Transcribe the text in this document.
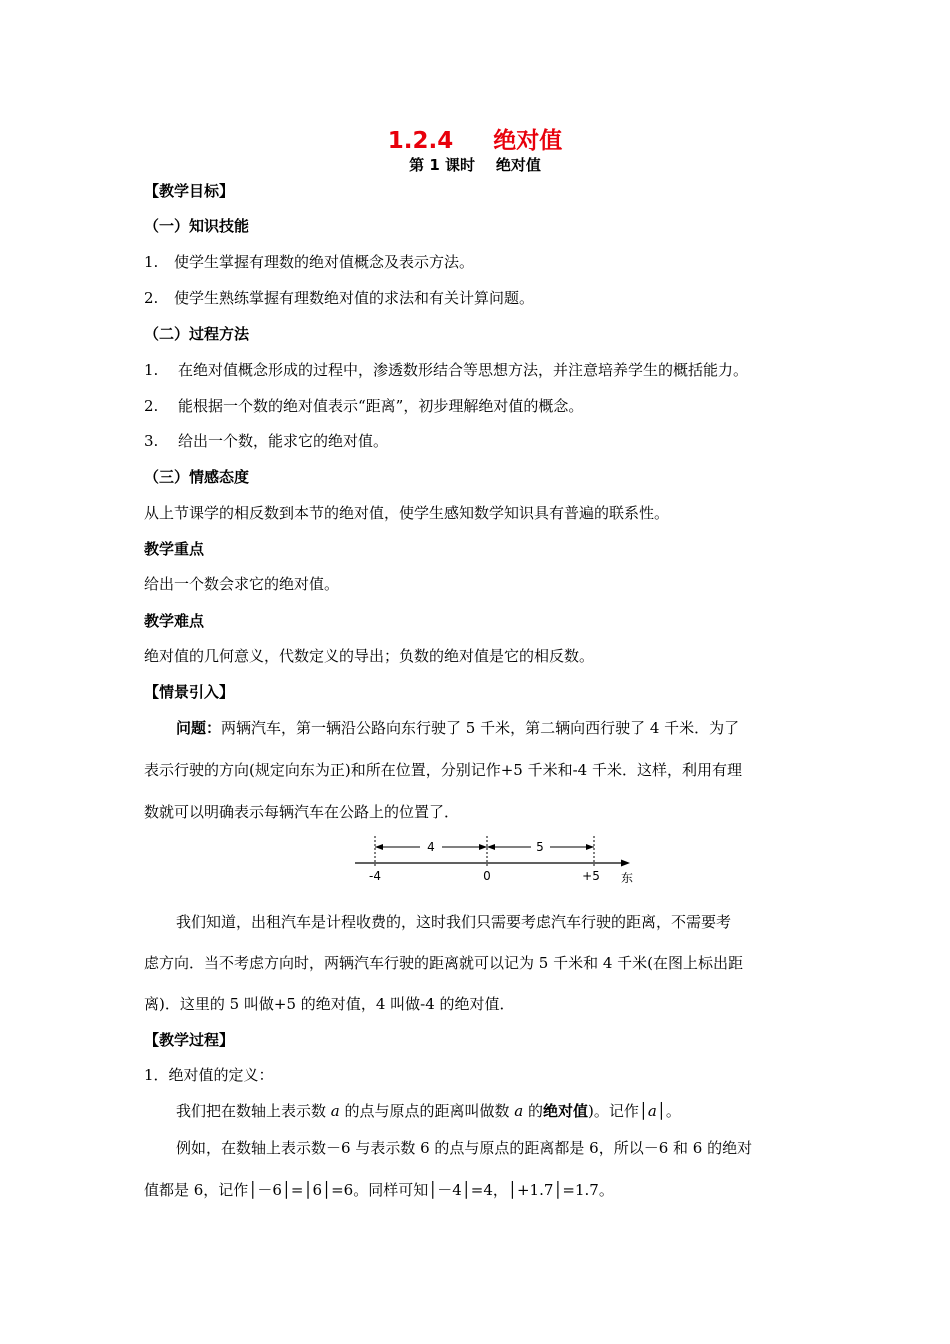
1.2.4     绝对值
第 1 课时    绝对值
【教学目标】
（一）知识技能
1. 使学生掌握有理数的绝对值概念及表示方法。
2. 使学生熟练掌握有理数绝对值的求法和有关计算问题。
（二）过程方法
1. 在绝对值概念形成的过程中，渗透数形结合等思想方法，并注意培养学生的概括能力。
2. 能根据一个数的绝对值表示“距离”，初步理解绝对值的概念。
3. 给出一个数，能求它的绝对值。
（三）情感态度
从上节课学的相反数到本节的绝对值，使学生感知数学知识具有普遍的联系性。
教学重点
给出一个数会求它的绝对值。
教学难点
绝对值的几何意义，代数定义的导出；负数的绝对值是它的相反数。
【情景引入】
问题：两辆汽车，第一辆沿公路向东行驶了 5 千米，第二辆向西行驶了 4 千米．为了
表示行驶的方向(规定向东为正)和所在位置，分别记作+5 千米和-4 千米．这样，利用有理
数就可以明确表示每辆汽车在公路上的位置了．
4	5
-4	0	+5 东
我们知道，出租汽车是计程收费的，这时我们只需要考虑汽车行驶的距离，不需要考
虑方向．当不考虑方向时，两辆汽车行驶的距离就可以记为 5 千米和 4 千米(在图上标出距
离)．这里的 5 叫做+5 的绝对值，4 叫做-4 的绝对值．
【教学过程】
1．绝对值的定义：
我们把在数轴上表示数 a 的点与原点的距离叫做数 a 的绝对值)。记作│a│。
例如，在数轴上表示数－6 与表示数 6 的点与原点的距离都是 6，所以－6 和 6 的绝对
值都是 6，记作│－6│=│6│=6。同样可知│－4│=4，│+1.7│=1.7。
